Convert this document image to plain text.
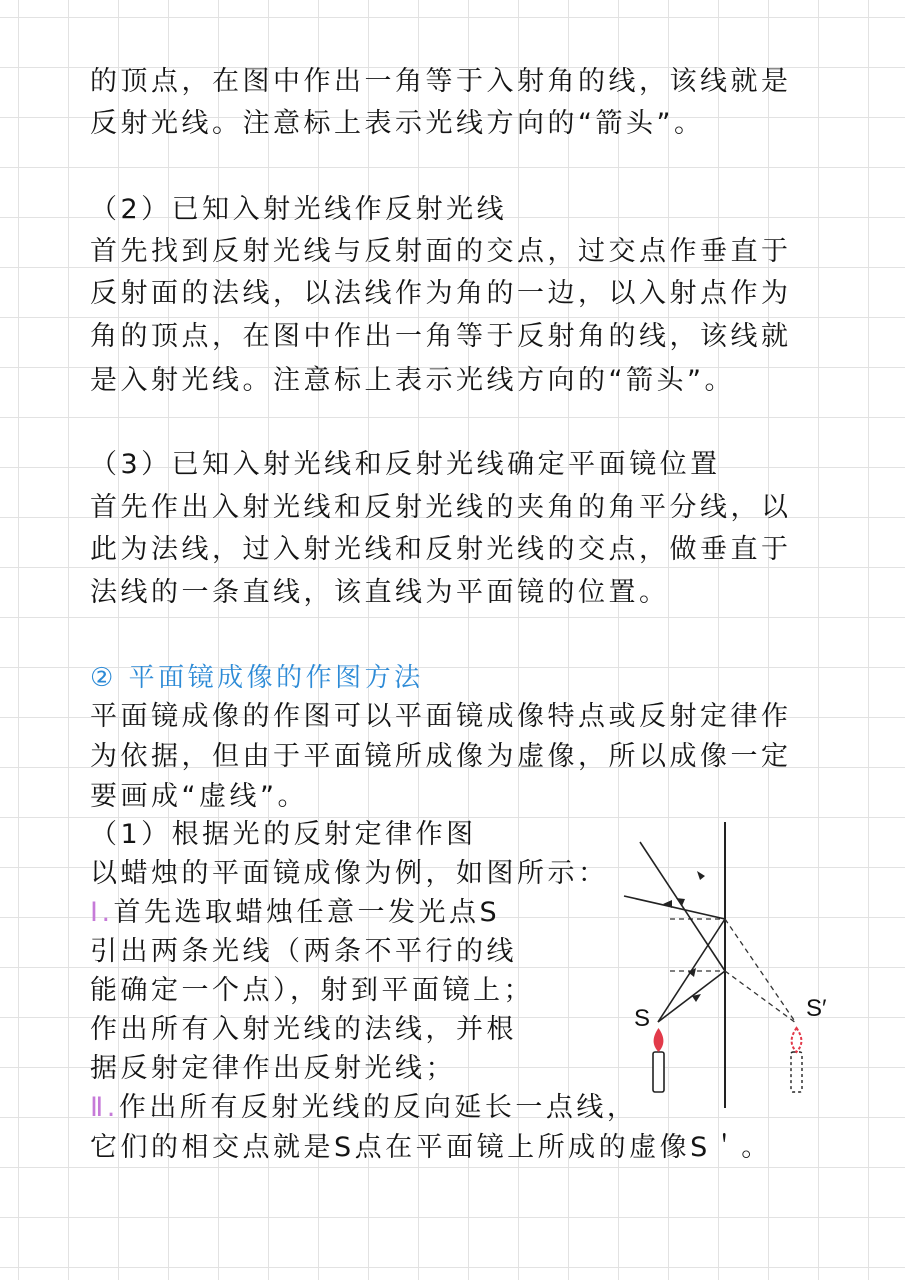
的顶点，在图中作出一角等于入射角的线，该线就是

反射光线。注意标上表示光线方向的“箭头”。

（2）已知入射光线作反射光线

首先找到反射光线与反射面的交点，过交点作垂直于

反射面的法线，以法线作为角的一边，以入射点作为

角的顶点，在图中作出一角等于反射角的线，该线就

是入射光线。注意标上表示光线方向的“箭头”。

（3）已知入射光线和反射光线确定平面镜位置

首先作出入射光线和反射光线的夹角的角平分线，以

此为法线，过入射光线和反射光线的交点，做垂直于

法线的一条直线，该直线为平面镜的位置。

② 平面镜成像的作图方法

平面镜成像的作图可以平面镜成像特点或反射定律作

为依据，但由于平面镜所成像为虚像，所以成像一定

要画成“虚线”。

（1）根据光的反射定律作图

以蜡烛的平面镜成像为例，如图所示：

Ⅰ.首先选取蜡烛任意一发光点S

引出两条光线（两条不平行的线

能确定一个点），射到平面镜上；

作出所有入射光线的法线，并根

据反射定律作出反射光线；

Ⅱ.作出所有反射光线的反向延长一点线，

它们的相交点就是S点在平面镜上所成的虚像S＇。

S	S′
